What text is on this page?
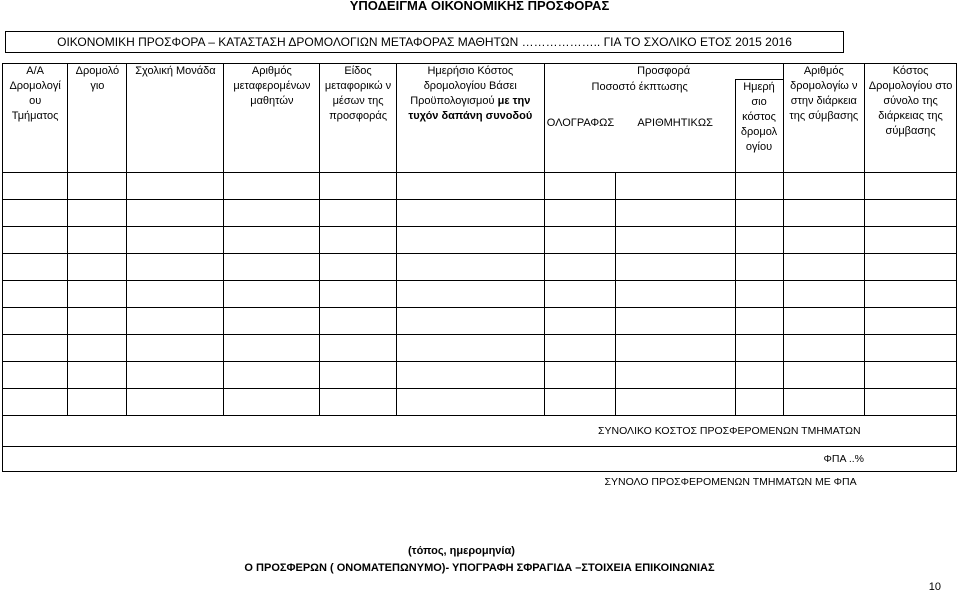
ΥΠΟΔΕΙΓΜΑ ΟΙΚΟΝΟΜΙΚΗΣ ΠΡΟΣΦΟΡΑΣ
ΟΙΚΟΝΟΜΙΚΗ ΠΡΟΣΦΟΡΑ – ΚΑΤΑΣΤΑΣΗ ΔΡΟΜΟΛΟΓΙΩΝ ΜΕΤΑΦΟΡΑΣ ΜΑΘΗΤΩΝ ……………….. ΓΙΑ ΤΟ ΣΧΟΛΙΚΟ ΕΤΟΣ 2015 2016
Α/Α Δρομολογί ου Τμήματος	Δρομολό γιο	Σχολική Μονάδα	Αριθμός μεταφερομένων μαθητών	Είδος μεταφορικώ ν μέσων της προσφοράς	Ημερήσιο Κόστος δρομολογίου Βάσει Προϋπολογισμού με την τυχόν δαπάνη συνοδού	Προσφορά			Αριθμός δρομολογίω ν στην διάρκεια της σύμβασης	Κόστος Δρομολογίου στο σύνολο της διάρκειας της σύμβασης
						Ποσοστό έκπτωσης		Ημερή σιο κόστος δρομολ ογίου		
						ΟΛΟΓΡΑΦΩΣ	ΑΡΙΘΜΗΤΙΚΩΣ			

ΣΥΝΟΛΙΚΟ ΚΟΣΤΟΣ ΠΡΟΣΦΕΡΟΜΕΝΩΝ ΤΜΗΜΑΤΩΝ										
ΦΠΑ ..%										
ΣΥΝΟΛΟ ΠΡΟΣΦΕΡΟΜΕΝΩΝ ΤΜΗΜΑΤΩΝ ΜΕ ΦΠΑ										
(τόπος, ημερομηνία)
Ο ΠΡΟΣΦΕΡΩΝ ( ΟΝΟΜΑΤΕΠΩΝΥΜΟ)- ΥΠΟΓΡΑΦΗ ΣΦΡΑΓΙΔΑ –ΣΤΟΙΧΕΙΑ ΕΠΙΚΟΙΝΩΝΙΑΣ
10
